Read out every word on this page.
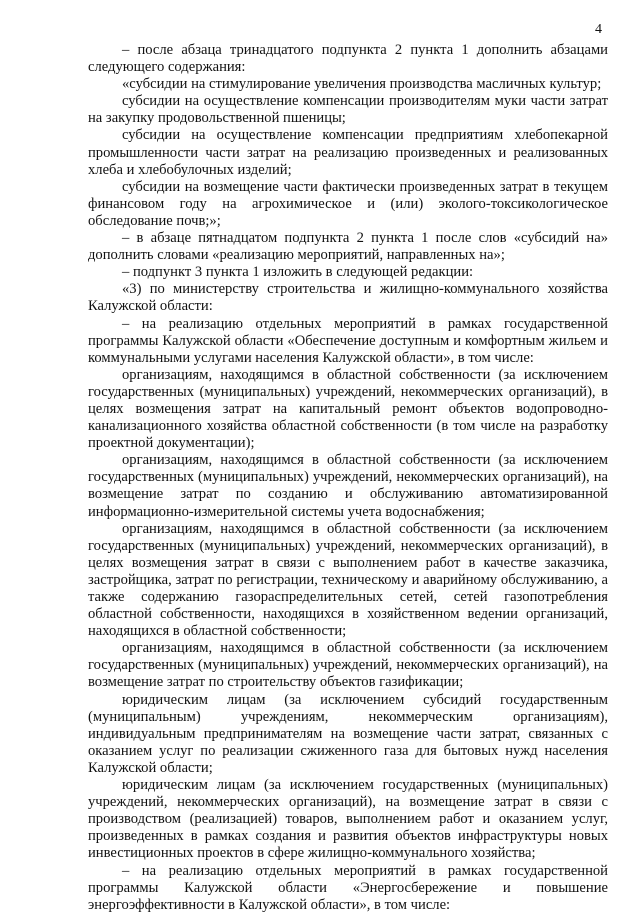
4

– после абзаца тринадцатого подпункта 2 пункта 1 дополнить абзацами следующего содержания:

«субсидии на стимулирование увеличения производства масличных культур;

субсидии на осуществление компенсации производителям муки части затрат на закупку продовольственной пшеницы;

субсидии на осуществление компенсации предприятиям хлебопекарной промышленности части затрат на реализацию произведенных и реализованных хлеба и хлебобулочных изделий;

субсидии на возмещение части фактически произведенных затрат в текущем финансовом году на агрохимическое и (или) эколого-токсикологическое обследование почв;»;

– в абзаце пятнадцатом подпункта 2 пункта 1 после слов «субсидий на» дополнить словами «реализацию мероприятий, направленных на»;

– подпункт 3 пункта 1 изложить в следующей редакции:

«3) по министерству строительства и жилищно-коммунального хозяйства Калужской области:

– на реализацию отдельных мероприятий в рамках государственной программы Калужской области «Обеспечение доступным и комфортным жильем и коммунальными услугами населения Калужской области», в том числе:

организациям, находящимся в областной собственности (за исключением государственных (муниципальных) учреждений, некоммерческих организаций), в целях возмещения затрат на капитальный ремонт объектов водопроводно-канализационного хозяйства областной собственности (в том числе на разработку проектной документации);

организациям, находящимся в областной собственности (за исключением государственных (муниципальных) учреждений, некоммерческих организаций), на возмещение затрат по созданию и обслуживанию автоматизированной информационно-измерительной системы учета водоснабжения;

организациям, находящимся в областной собственности (за исключением государственных (муниципальных) учреждений, некоммерческих организаций), в целях возмещения затрат в связи с выполнением работ в качестве заказчика, застройщика, затрат по регистрации, техническому и аварийному обслуживанию, а также содержанию газораспределительных сетей, сетей газопотребления областной собственности, находящихся в хозяйственном ведении организаций, находящихся в областной собственности;

организациям, находящимся в областной собственности (за исключением государственных (муниципальных) учреждений, некоммерческих организаций), на возмещение затрат по строительству объектов газификации;

юридическим лицам (за исключением субсидий государственным (муниципальным) учреждениям, некоммерческим организациям), индивидуальным предпринимателям на возмещение части затрат, связанных с оказанием услуг по реализации сжиженного газа для бытовых нужд населения Калужской области;

юридическим лицам (за исключением государственных (муниципальных) учреждений, некоммерческих организаций), на возмещение затрат в связи с производством (реализацией) товаров, выполнением работ и оказанием услуг, произведенных в рамках создания и развития объектов инфраструктуры новых инвестиционных проектов в сфере жилищно-коммунального хозяйства;

– на реализацию отдельных мероприятий в рамках государственной программы Калужской области «Энергосбережение и повышение энергоэффективности в Калужской области», в том числе:
